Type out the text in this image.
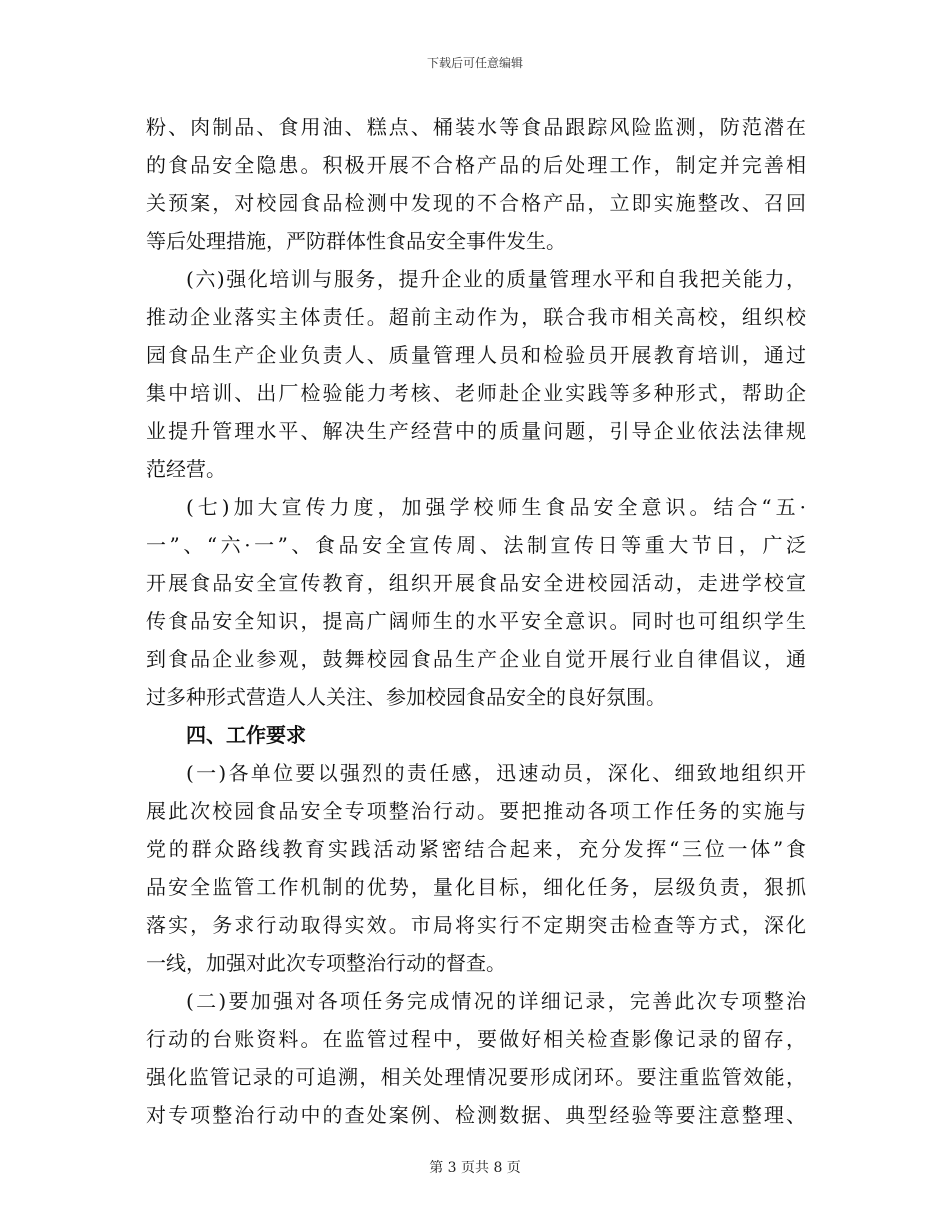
下载后可任意编辑
粉、肉制品、食用油、糕点、桶装水等食品跟踪风险监测，防范潜在
的食品安全隐患。积极开展不合格产品的后处理工作，制定并完善相
关预案，对校园食品检测中发现的不合格产品，立即实施整改、召回
等后处理措施，严防群体性食品安全事件发生。
(六)强化培训与服务，提升企业的质量管理水平和自我把关能力，
推动企业落实主体责任。超前主动作为，联合我市相关高校，组织校
园食品生产企业负责人、质量管理人员和检验员开展教育培训，通过
集中培训、出厂检验能力考核、老师赴企业实践等多种形式，帮助企
业提升管理水平、解决生产经营中的质量问题，引导企业依法法律规
范经营。
(七)加大宣传力度，加强学校师生食品安全意识。结合“五·
一”、“六·一”、食品安全宣传周、法制宣传日等重大节日，广泛
开展食品安全宣传教育，组织开展食品安全进校园活动，走进学校宣
传食品安全知识，提高广阔师生的水平安全意识。同时也可组织学生
到食品企业参观，鼓舞校园食品生产企业自觉开展行业自律倡议，通
过多种形式营造人人关注、参加校园食品安全的良好氛围。
四、工作要求
(一)各单位要以强烈的责任感，迅速动员，深化、细致地组织开
展此次校园食品安全专项整治行动。要把推动各项工作任务的实施与
党的群众路线教育实践活动紧密结合起来，充分发挥“三位一体”食
品安全监管工作机制的优势，量化目标，细化任务，层级负责，狠抓
落实，务求行动取得实效。市局将实行不定期突击检查等方式，深化
一线，加强对此次专项整治行动的督查。
(二)要加强对各项任务完成情况的详细记录，完善此次专项整治
行动的台账资料。在监管过程中，要做好相关检查影像记录的留存，
强化监管记录的可追溯，相关处理情况要形成闭环。要注重监管效能，
对专项整治行动中的查处案例、检测数据、典型经验等要注意整理、
第 3 页共 8 页
